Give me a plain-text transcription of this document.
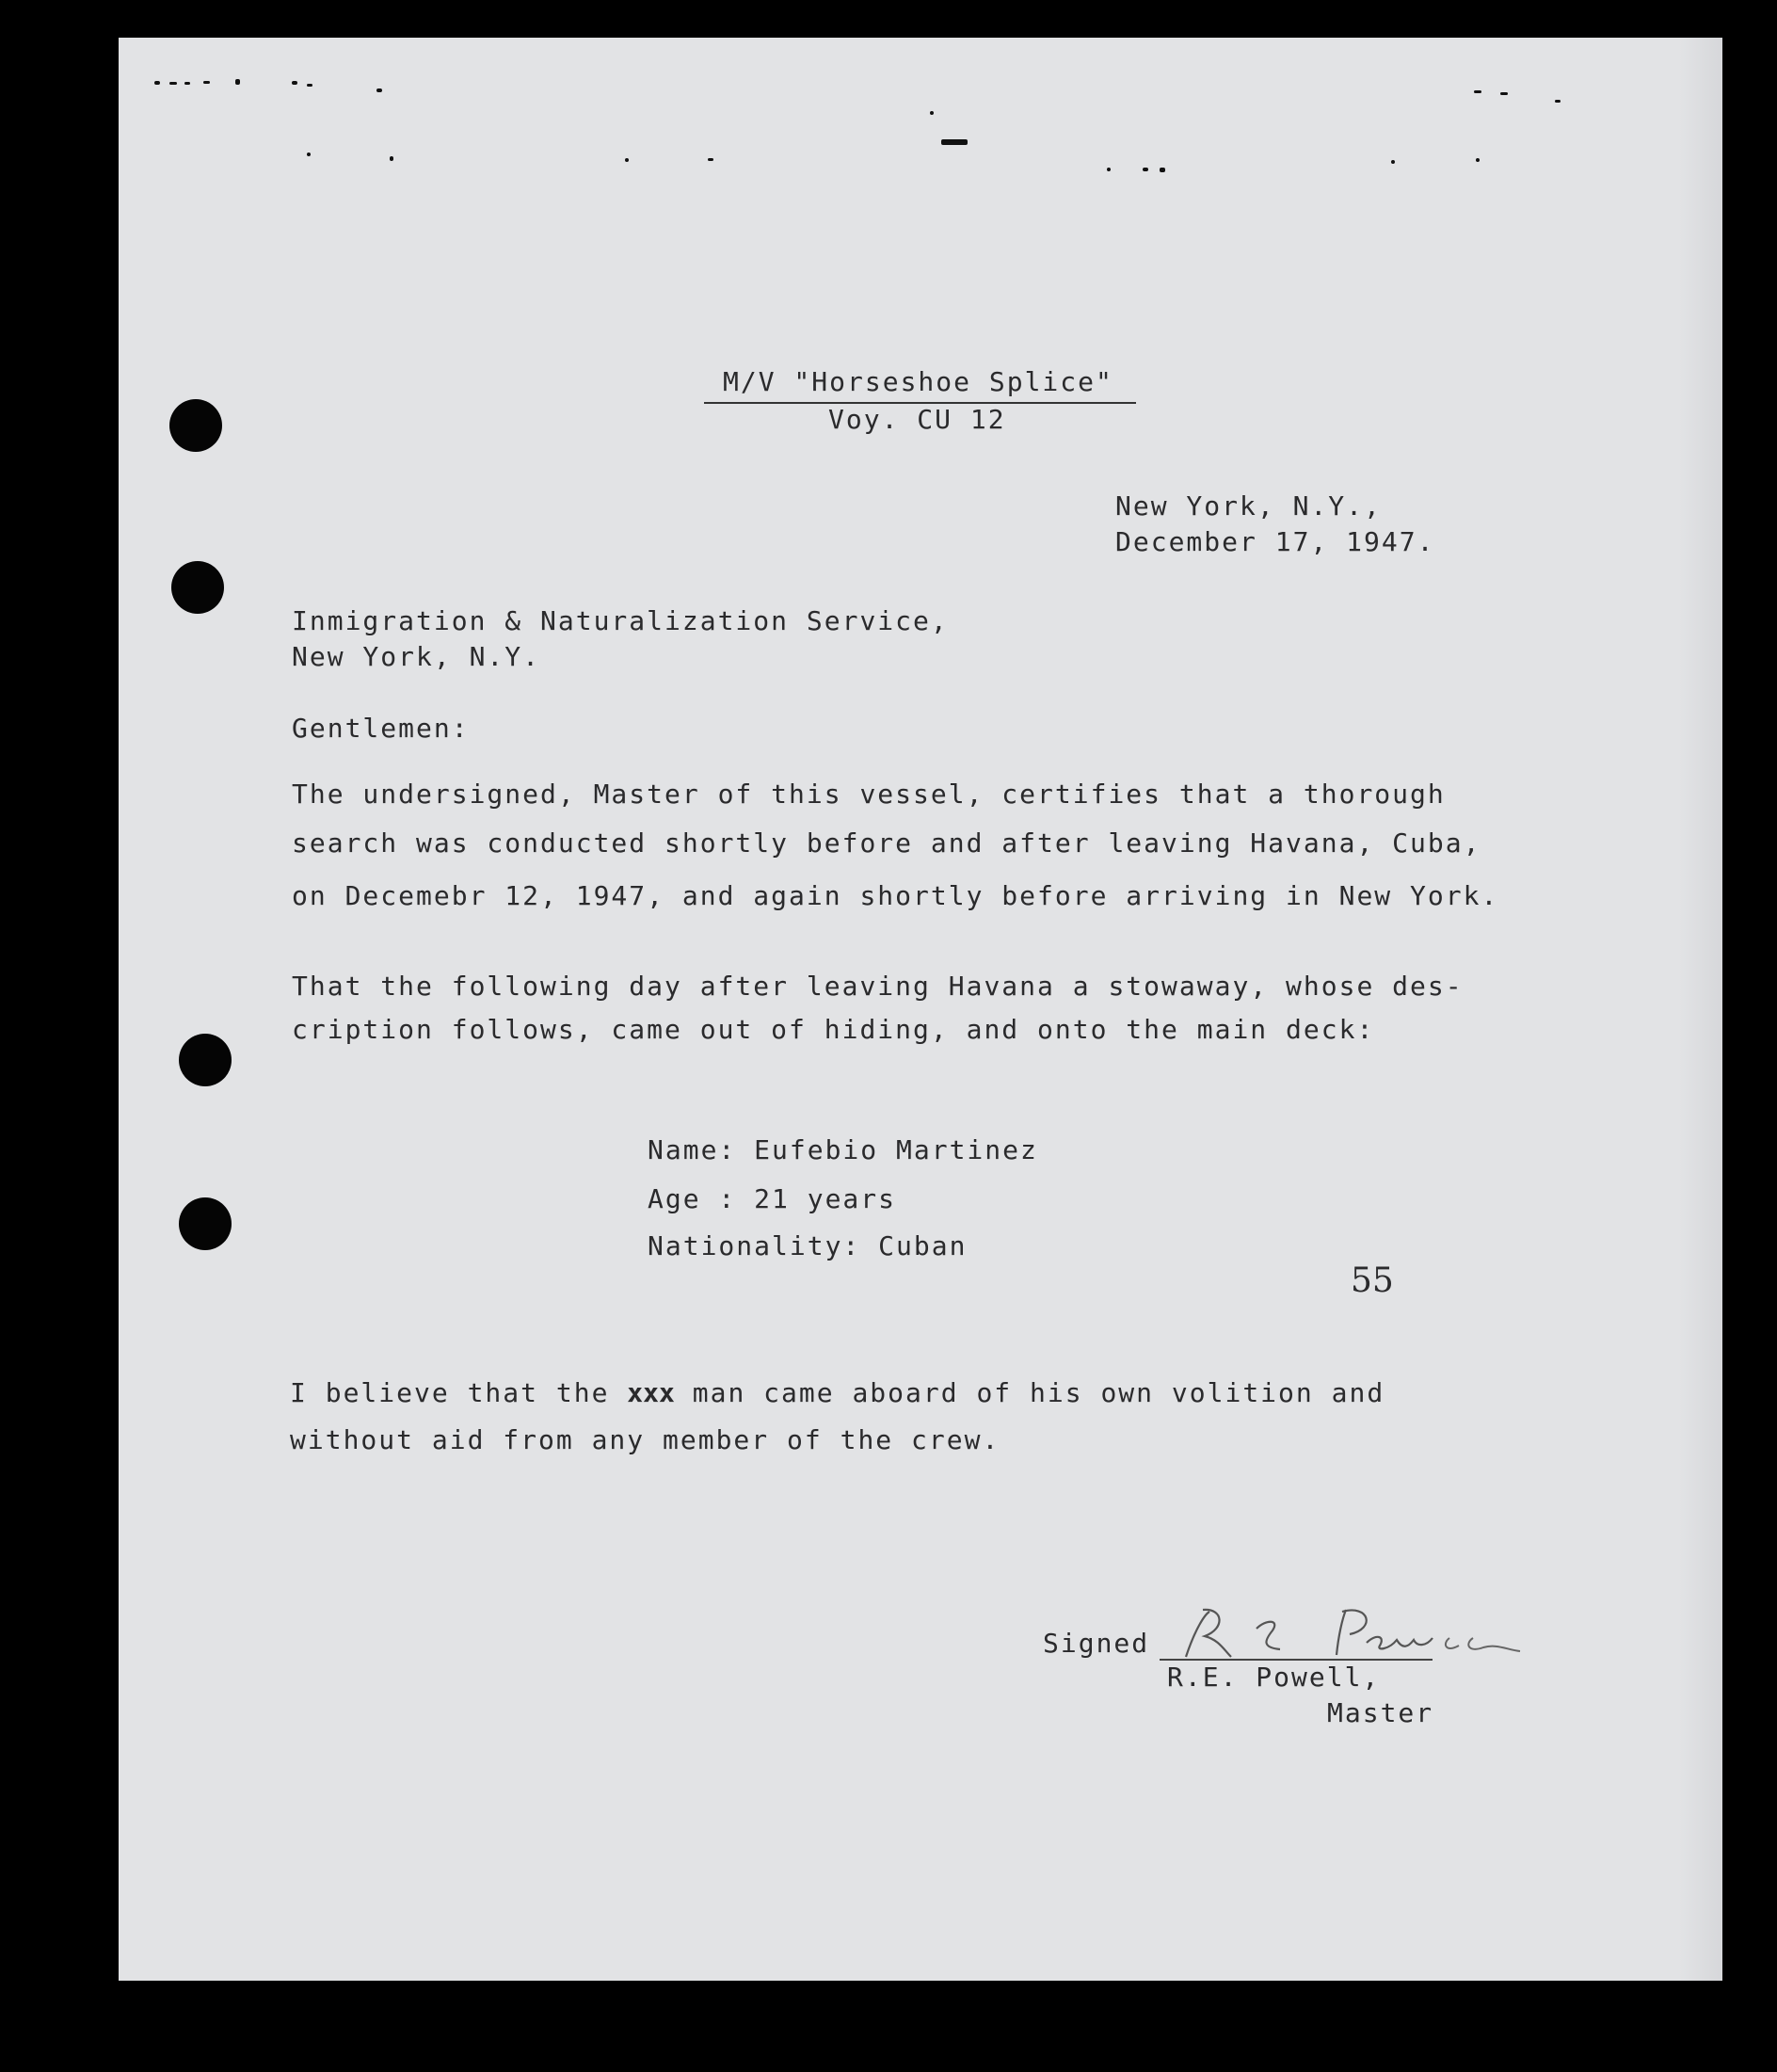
M/V "Horseshoe Splice"
Voy. CU 12
New York, N.Y.,
December 17, 1947.
Inmigration & Naturalization Service,
New York, N.Y.
Gentlemen:
The undersigned, Master of this vessel, certifies that a thorough
search was conducted shortly before and after leaving Havana, Cuba,
on Decemebr 12, 1947, and again shortly before arriving in New York.
That the following day after leaving Havana a stowaway, whose des-
cription follows, came out of hiding, and onto the main deck:
Name: Eufebio Martinez
Age : 21 years
Nationality: Cuban
55
I believe that the xxx man came aboard of his own volition and
without aid from any member of the crew.
Signed
R.E. Powell,
Master
